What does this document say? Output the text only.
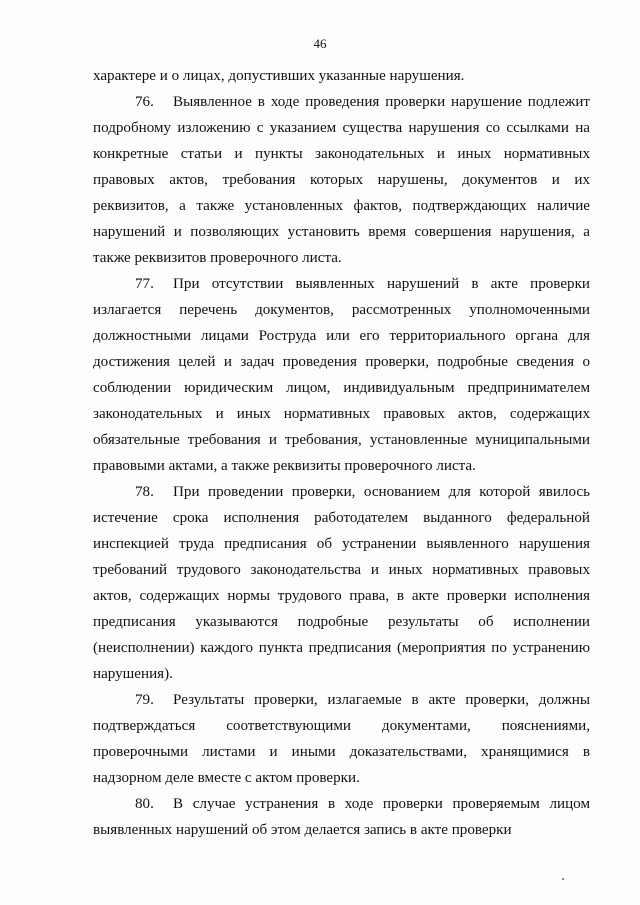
46

характере и о лицах, допустивших указанные нарушения.

76. Выявленное в ходе проведения проверки нарушение подлежит подробному изложению с указанием существа нарушения со ссылками на конкретные статьи и пункты законодательных и иных нормативных правовых актов, требования которых нарушены, документов и их реквизитов, а также установленных фактов, подтверждающих наличие нарушений и позволяющих установить время совершения нарушения, а также реквизитов проверочного листа.

77. При отсутствии выявленных нарушений в акте проверки излагается перечень документов, рассмотренных уполномоченными должностными лицами Роструда или его территориального органа для достижения целей и задач проведения проверки, подробные сведения о соблюдении юридическим лицом, индивидуальным предпринимателем законодательных и иных нормативных правовых актов, содержащих обязательные требования и требования, установленные муниципальными правовыми актами, а также реквизиты проверочного листа.

78. При проведении проверки, основанием для которой явилось истечение срока исполнения работодателем выданного федеральной инспекцией труда предписания об устранении выявленного нарушения требований трудового законодательства и иных нормативных правовых актов, содержащих нормы трудового права, в акте проверки исполнения предписания указываются подробные результаты об исполнении (неисполнении) каждого пункта предписания (мероприятия по устранению нарушения).

79. Результаты проверки, излагаемые в акте проверки, должны подтверждаться соответствующими документами, пояснениями, проверочными листами и иными доказательствами, хранящимися в надзорном деле вместе с актом проверки.

80. В случае устранения в ходе проверки проверяемым лицом выявленных нарушений об этом делается запись в акте проверки
